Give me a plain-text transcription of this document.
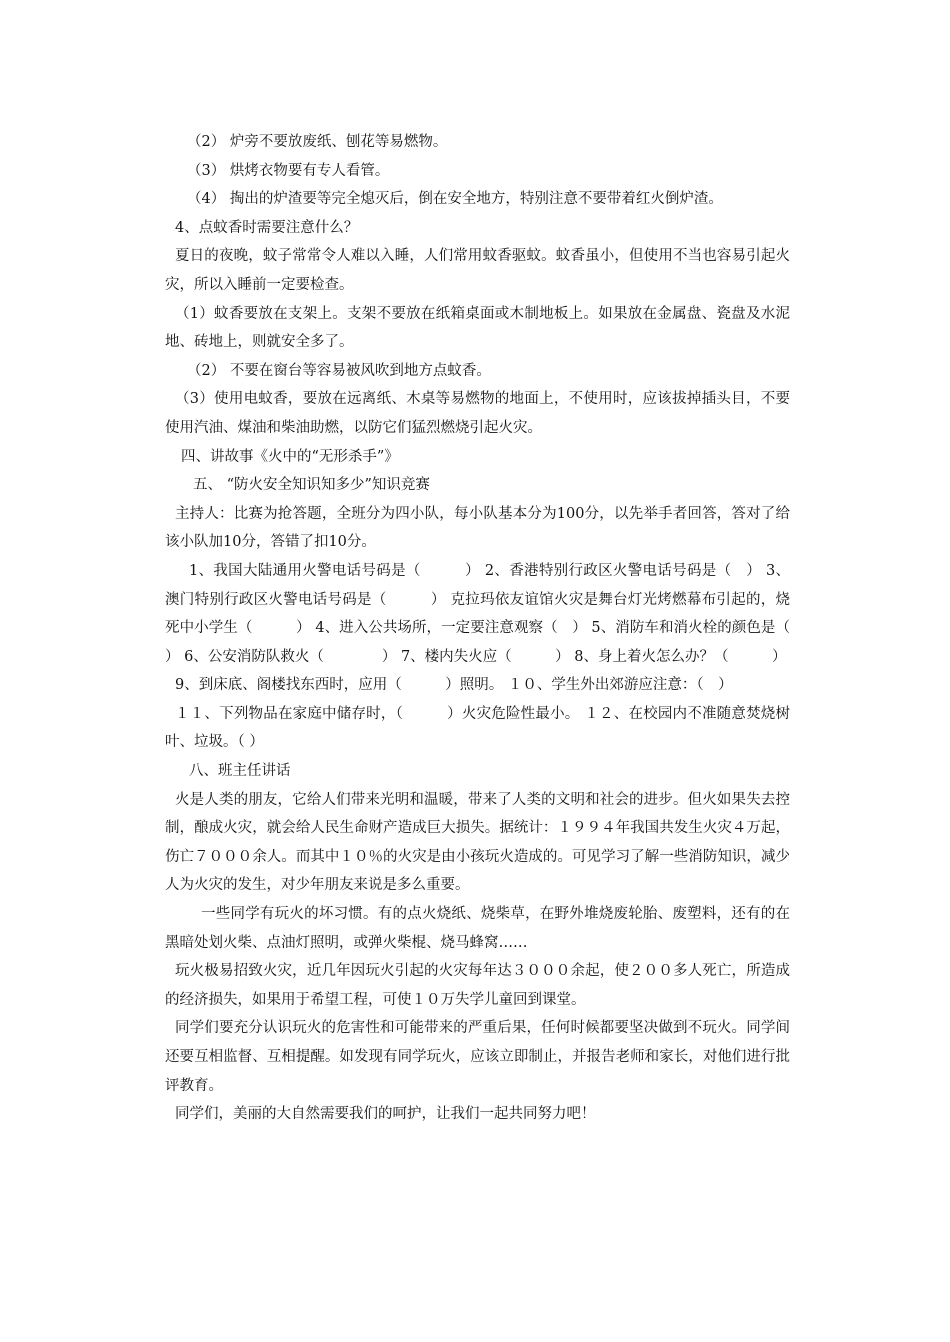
（2） 炉旁不要放废纸、刨花等易燃物。

（3） 烘烤衣物要有专人看管。

（4） 掏出的炉渣要等完全熄灭后，倒在安全地方，特别注意不要带着红火倒炉渣。

4、点蚊香时需要注意什么？

夏日的夜晚，蚊子常常令人难以入睡，人们常用蚊香驱蚊。蚊香虽小，但使用不当也容易引起火灾，所以入睡前一定要检查。

（1）蚊香要放在支架上。支架不要放在纸箱桌面或木制地板上。如果放在金属盘、瓷盘及水泥地、砖地上，则就安全多了。

（2） 不要在窗台等容易被风吹到地方点蚊香。

（3）使用电蚊香，要放在远离纸、木桌等易燃物的地面上，不使用时，应该拔掉插头目，不要使用汽油、煤油和柴油助燃，以防它们猛烈燃烧引起火灾。

四、讲故事《火中的“无形杀手”》

五、 “防火安全知识知多少”知识竞赛

主持人：比赛为抢答题，全班分为四小队，每小队基本分为100分，以先举手者回答，答对了给该小队加10分，答错了扣10分。

1、我国大陆通用火警电话号码是（　　　） 2、香港特别行政区火警电话号码是（　） 3、澳门特别行政区火警电话号码是（　　　） 克拉玛依友谊馆火灾是舞台灯光烤燃幕布引起的，烧死中小学生（　　　） 4、进入公共场所，一定要注意观察（　） 5、消防车和消火栓的颜色是（　　　） 6、公安消防队救火（　　　　） 7、楼内失火应（　　　） 8、身上着火怎么办？（　　　）

9、到床底、阁楼找东西时，应用（　　　）照明。 １０、学生外出郊游应注意：（　）

１１、下列物品在家庭中储存时，（　　　）火灾危险性最小。 １２、在校园内不准随意焚烧树叶、垃圾。（ ）

八、班主任讲话

火是人类的朋友，它给人们带来光明和温暖，带来了人类的文明和社会的进步。但火如果失去控制，酿成火灾，就会给人民生命财产造成巨大损失。据统计：１９９４年我国共发生火灾４万起，伤亡７０００余人。而其中１０％的火灾是由小孩玩火造成的。可见学习了解一些消防知识，减少人为火灾的发生，对少年朋友来说是多么重要。

一些同学有玩火的坏习惯。有的点火烧纸、烧柴草，在野外堆烧废轮胎、废塑料，还有的在黑暗处划火柴、点油灯照明，或弹火柴棍、烧马蜂窝……

玩火极易招致火灾，近几年因玩火引起的火灾每年达３０００余起，使２００多人死亡，所造成的经济损失，如果用于希望工程，可使１０万失学儿童回到课堂。

同学们要充分认识玩火的危害性和可能带来的严重后果，任何时候都要坚决做到不玩火。同学间还要互相监督、互相提醒。如发现有同学玩火，应该立即制止，并报告老师和家长，对他们进行批评教育。

同学们，美丽的大自然需要我们的呵护，让我们一起共同努力吧！
